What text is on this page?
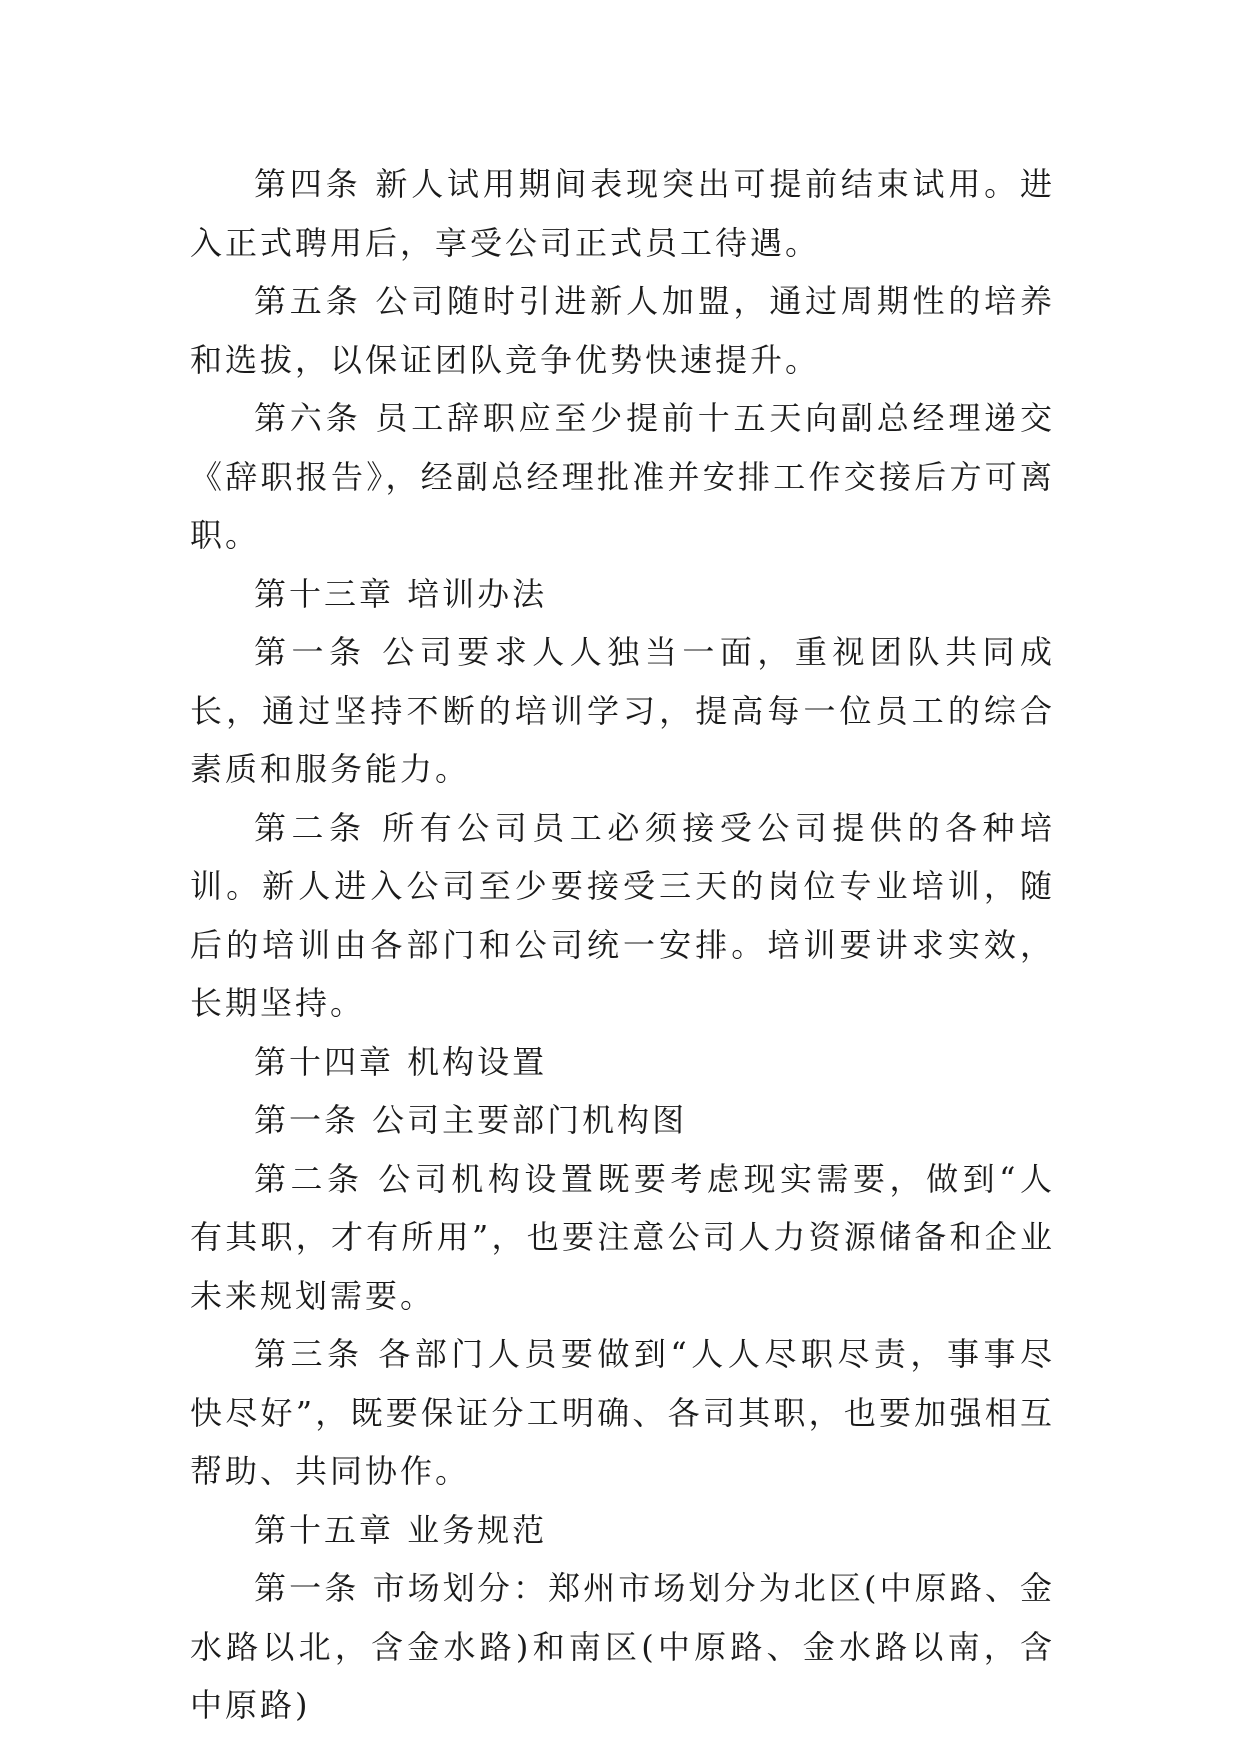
第四条 新人试用期间表现突出可提前结束试用。进入正式聘用后，享受公司正式员工待遇。

第五条 公司随时引进新人加盟，通过周期性的培养和选拔，以保证团队竞争优势快速提升。

第六条 员工辞职应至少提前十五天向副总经理递交《辞职报告》，经副总经理批准并安排工作交接后方可离职。

第十三章 培训办法

第一条 公司要求人人独当一面，重视团队共同成长，通过坚持不断的培训学习，提高每一位员工的综合素质和服务能力。

第二条 所有公司员工必须接受公司提供的各种培训。新人进入公司至少要接受三天的岗位专业培训，随后的培训由各部门和公司统一安排。培训要讲求实效，长期坚持。

第十四章 机构设置

第一条 公司主要部门机构图

第二条 公司机构设置既要考虑现实需要，做到“人有其职，才有所用”，也要注意公司人力资源储备和企业未来规划需要。

第三条 各部门人员要做到“人人尽职尽责，事事尽快尽好”，既要保证分工明确、各司其职，也要加强相互帮助、共同协作。

第十五章 业务规范

第一条 市场划分：郑州市场划分为北区(中原路、金水路以北，含金水路)和南区(中原路、金水路以南，含中原路)
